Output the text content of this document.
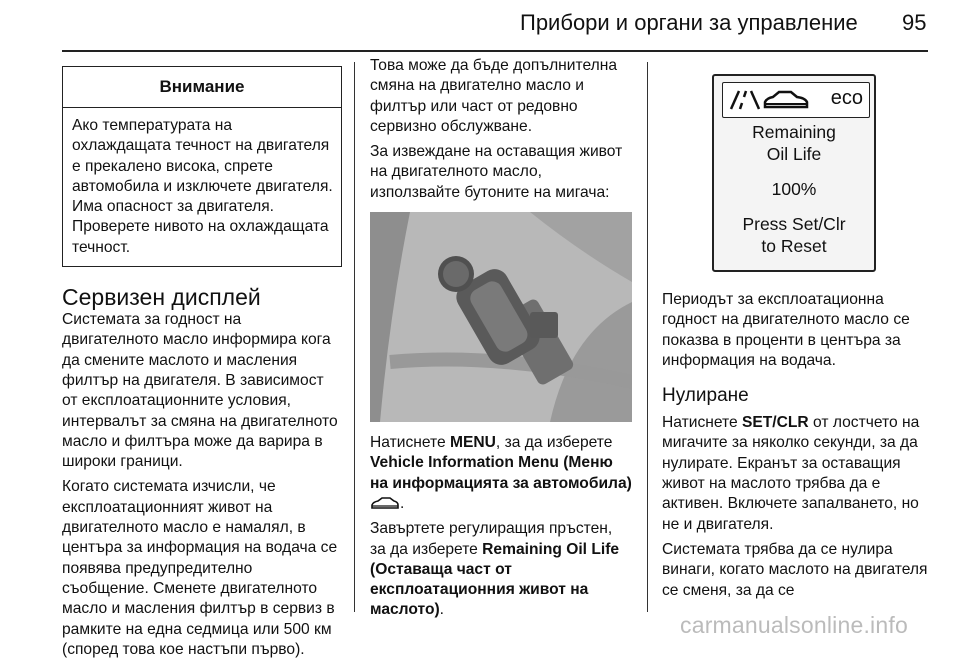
Прибори и органи за управление 95
Внимание
Ако температурата на охлаждащата течност на двигателя е прекалено висока, спрете автомобила и изключете двигателя. Има опасност за двигателя. Проверете нивото на охлаждащата течност.
Сервизен дисплей

Системата за годност на двигателното масло информира кога да смените маслото и масления филтър на двигателя. В зависимост от експлоатационните условия, интервалът за смяна на двигателното масло и филтъра може да варира в широки граници.

Когато системата изчисли, че експлоатационният живот на двигателното масло е намалял, в центъра за информация на водача се появява предупредително съобщение. Сменете двигателното масло и масления филтър в сервиз в рамките на една седмица или 500 км (според това кое настъпи първо).

Това може да бъде допълнителна смяна на двигателно масло и филтър или част от редовно сервизно обслужване.

За извеждане на оставащия живот на двигателното масло, използвайте бутоните на мигача:

Натиснете MENU, за да изберете Vehicle Information Menu (Меню на информацията за автомобила)
.

Завъртете регулиращия пръстен, за да изберете Remaining Oil Life (Оставаща част от експлоатационния живот на маслото).

eco
Remaining
Oil Life
100%
Press Set/Clr
to Reset

Периодът за експлоатационна годност на двигателното масло се показва в проценти в центъра за информация на водача.

Нулиране

Натиснете SET/CLR от лостчето на мигачите за няколко секунди, за да нулирате. Екранът за оставащия живот на маслото трябва да е активен. Включете запалването, но не и двигателя.

Системата трябва да се нулира винаги, когато маслото на двигателя се сменя, за да се

carmanualsonline.info
